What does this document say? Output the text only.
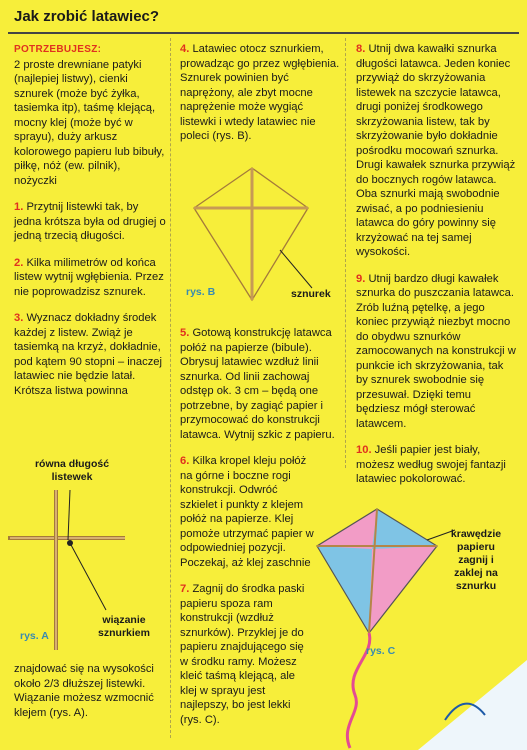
Jak zrobić latawiec?

POTRZEBUJESZ:
2 proste drewniane patyki (najlepiej listwy), cienki sznurek (może być żyłka, tasiemka itp), taśmę klejącą, mocny klej (może być w sprayu), duży arkusz kolorowego papieru lub bibuły, piłkę, nóż (ew. pilnik), nożyczki

1. Przytnij listewki tak, by jedna krótsza była od drugiej o jedną trzecią długości.

2. Kilka milimetrów od końca listew wytnij wgłębienia. Przez nie poprowadzisz sznurek.

3. Wyznacz dokładny środek każdej z listew. Zwiąż je tasiemką na krzyż, dokładnie, pod kątem 90 stopni – inaczej latawiec nie będzie latał. Krótsza listwa powinna

równa długość listewek
rys. A
wiązanie sznurkiem
znajdować się na wysokości około 2/3 dłuższej listewki. Wiązanie możesz wzmocnić klejem (rys. A).

4. Latawiec otocz sznurkiem, prowadząc go przez wgłębienia. Sznurek powinien być naprężony, ale zbyt mocne naprężenie może wygiąć listewki i wtedy latawiec nie poleci (rys. B).

rys. B	sznurek

5. Gotową konstrukcję latawca połóż na papierze (bibule). Obrysuj latawiec wzdłuż linii sznurka. Od linii zachowaj odstęp ok. 3 cm – będą one potrzebne, by zagiąć papier i przymocować do konstrukcji latawca. Wytnij szkic z papieru.

6. Kilka kropel kleju połóż na górne i boczne rogi konstrukcji. Odwróć szkielet i punkty z klejem połóż na papierze. Klej pomoże utrzymać papier w odpowiedniej pozycji. Poczekaj, aż klej zaschnie

7. Zagnij do środka paski papieru spoza ram konstrukcji (wzdłuż sznurków). Przyklej je do papieru znajdującego się w środku ramy. Możesz kleić taśmą klejącą, ale klej w sprayu jest najlepszy, bo jest lekki (rys. C).

8. Utnij dwa kawałki sznurka długości latawca. Jeden koniec przywiąż do skrzyżowania listewek na szczycie latawca, drugi poniżej środkowego skrzyżowania listew, tak by skrzyżowanie było dokładnie pośrodku mocowań sznurka. Drugi kawałek sznurka przywiąż do bocznych rogów latawca. Oba sznurki mają swobodnie zwisać, a po podniesieniu latawca do góry powinny się krzyżować na tej samej wysokości.

9. Utnij bardzo długi kawałek sznurka do puszczania latawca. Zrób luźną pętelkę, a jego koniec przywiąż niezbyt mocno do obydwu sznurków zamocowanych na konstrukcji w punkcie ich skrzyżowania, tak by sznurek swobodnie się przesuwał. Dzięki temu będziesz mógł sterować latawcem.

10. Jeśli papier jest biały, możesz według swojej fantazji latawiec pokolorować.

krawędzie papieru zagnij i zaklej na sznurku
rys. C
